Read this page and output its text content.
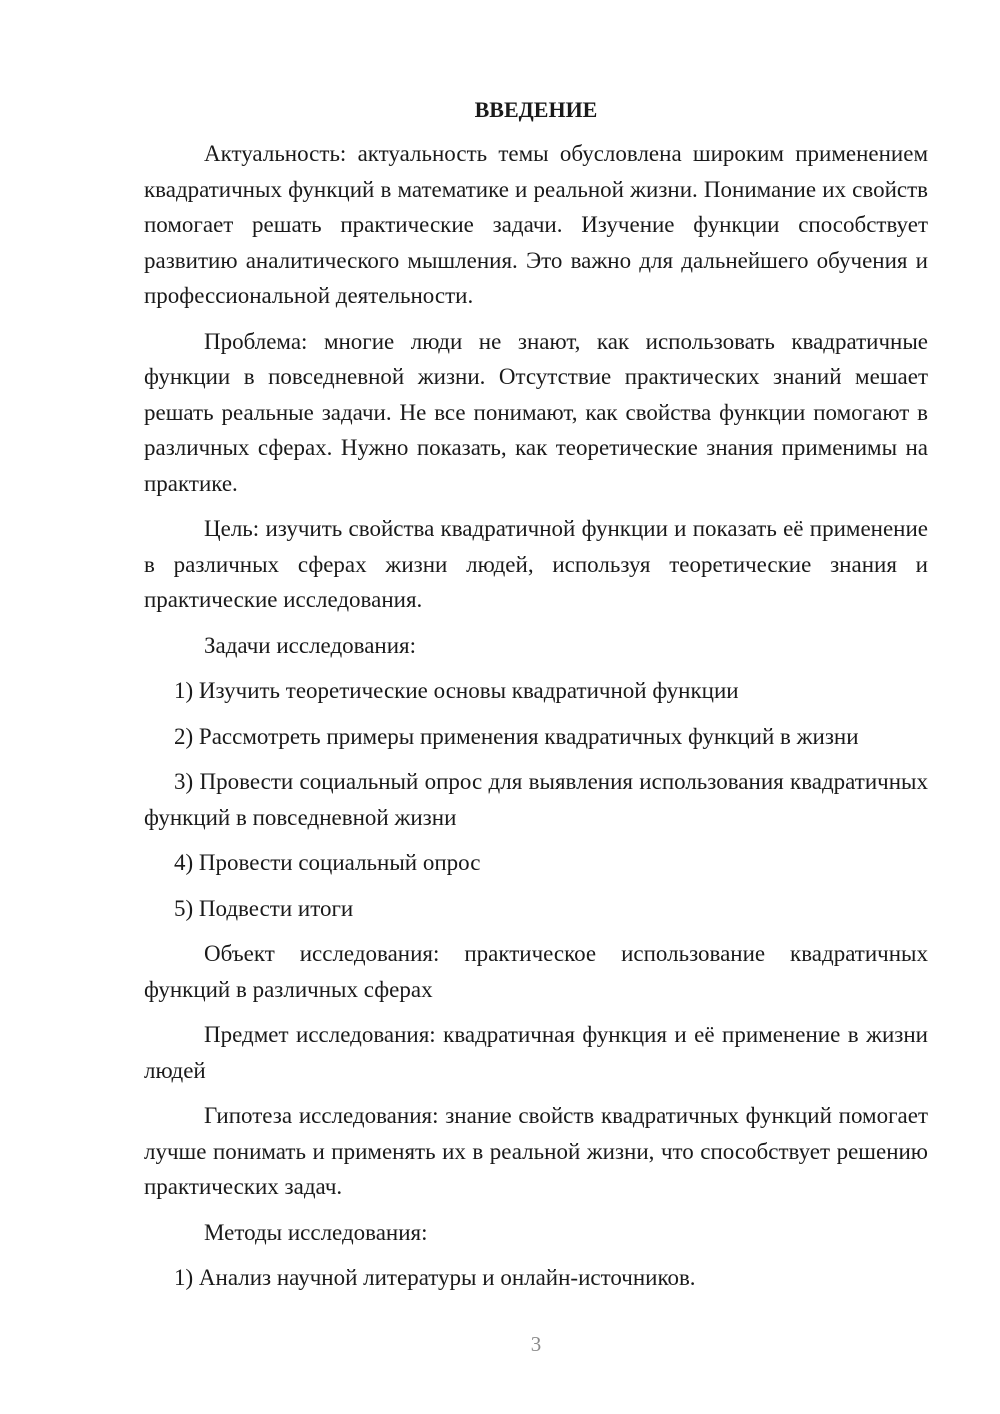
ВВЕДЕНИЕ

Актуальность: актуальность темы обусловлена широким применением квадратичных функций в математике и реальной жизни. Понимание их свойств помогает решать практические задачи. Изучение функции способствует развитию аналитического мышления. Это важно для дальнейшего обучения и профессиональной деятельности.

Проблема: многие люди не знают, как использовать квадратичные функции в повседневной жизни. Отсутствие практических знаний мешает решать реальные задачи. Не все понимают, как свойства функции помогают в различных сферах. Нужно показать, как теоретические знания применимы на практике.

Цель: изучить свойства квадратичной функции и показать её применение в различных сферах жизни людей, используя теоретические знания и практические исследования.

Задачи исследования:

1) Изучить теоретические основы квадратичной функции

2) Рассмотреть примеры применения квадратичных функций в жизни

3) Провести социальный опрос для выявления использования квадратичных функций в повседневной жизни

4) Провести социальный опрос

5) Подвести итоги

Объект исследования: практическое использование квадратичных функций в различных сферах

Предмет исследования: квадратичная функция и её применение в жизни людей

Гипотеза исследования: знание свойств квадратичных функций помогает лучше понимать и применять их в реальной жизни, что способствует решению практических задач.

Методы исследования:

1) Анализ научной литературы и онлайн-источников.

3
